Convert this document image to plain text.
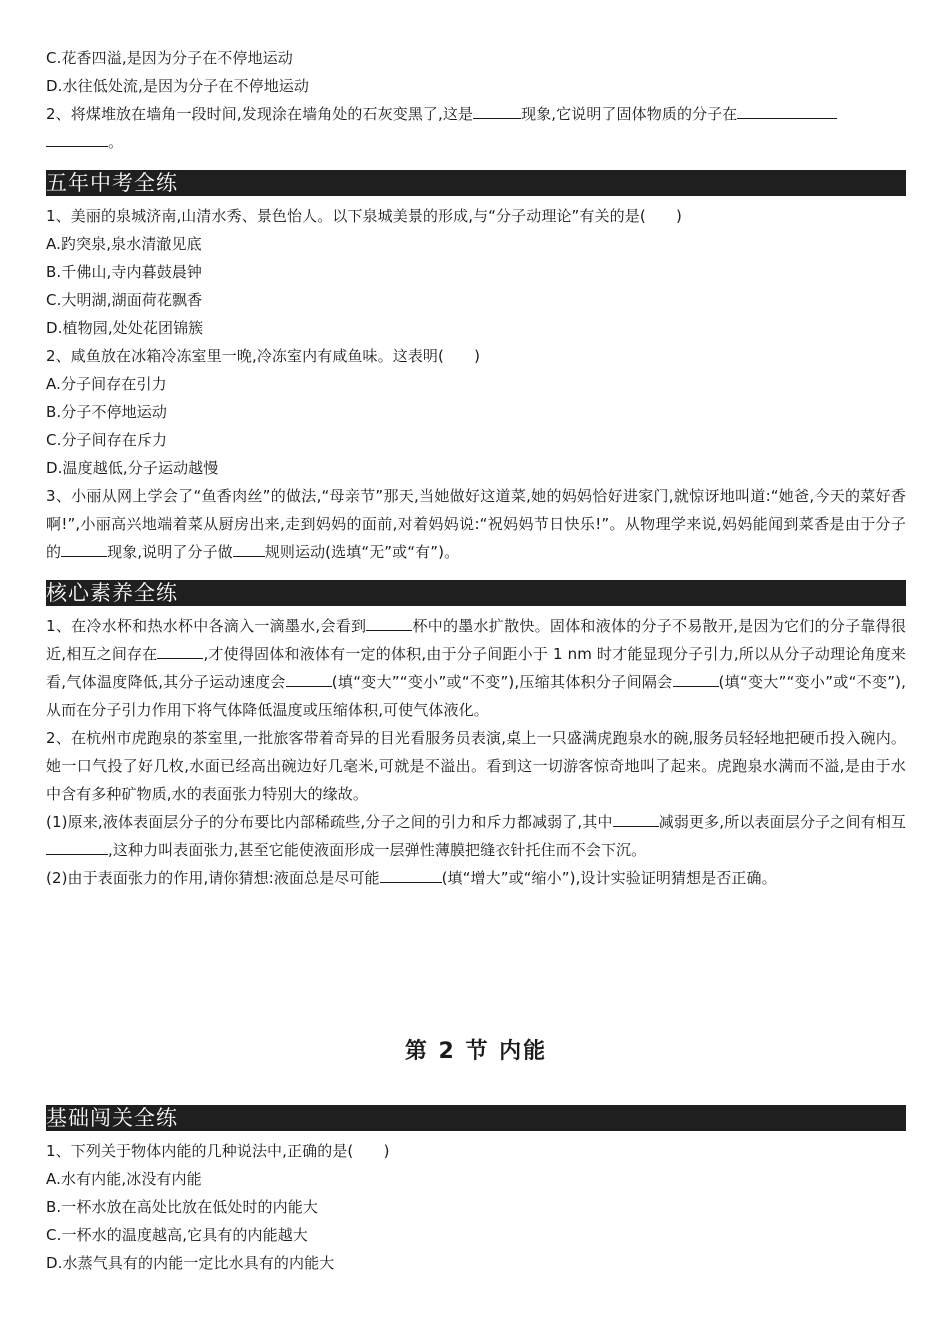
C.花香四溢,是因为分子在不停地运动
D.水往低处流,是因为分子在不停地运动
2、将煤堆放在墙角一段时间,发现涂在墙角处的石灰变黑了,这是	现象,它说明了固体物质的分子在
。
五年中考全练
1、美丽的泉城济南,山清水秀、景色怡人。以下泉城美景的形成,与“分子动理论”有关的是(　　)
A.趵突泉,泉水清澈见底
B.千佛山,寺内暮鼓晨钟
C.大明湖,湖面荷花飘香
D.植物园,处处花团锦簇
2、咸鱼放在冰箱冷冻室里一晚,冷冻室内有咸鱼味。这表明(　　)
A.分子间存在引力
B.分子不停地运动
C.分子间存在斥力
D.温度越低,分子运动越慢
3、小丽从网上学会了“鱼香肉丝”的做法,“母亲节”那天,当她做好这道菜,她的妈妈恰好进家门,就惊讶地叫道:“她爸,今天的菜好香啊!”,小丽高兴地端着菜从厨房出来,走到妈妈的面前,对着妈妈说:“祝妈妈节日快乐!”。从物理学来说,妈妈能闻到菜香是由于分子的	现象,说明了分子做 规则运动(选填“无”或“有”)。
核心素养全练
1、在冷水杯和热水杯中各滴入一滴墨水,会看到	杯中的墨水扩散快。固体和液体的分子不易散开,是因为它们的分子靠得很近,相互之间存在	,才使得固体和液体有一定的体积,由于分子间距小于 1 nm 时才能显现分子引力,所以从分子动理论角度来看,气体温度降低,其分子运动速度会	(填“变大”“变小”或“不变”),压缩其体积分子间隔会	(填“变大”“变小”或“不变”),从而在分子引力作用下将气体降低温度或压缩体积,可使气体液化。
2、在杭州市虎跑泉的茶室里,一批旅客带着奇异的目光看服务员表演,桌上一只盛满虎跑泉水的碗,服务员轻轻地把硬币投入碗内。她一口气投了好几枚,水面已经高出碗边好几毫米,可就是不溢出。看到这一切游客惊奇地叫了起来。虎跑泉水满而不溢,是由于水中含有多种矿物质,水的表面张力特别大的缘故。
(1)原来,液体表面层分子的分布要比内部稀疏些,分子之间的引力和斥力都减弱了,其中	减弱更多,所以表面层分子之间有相互,这种力叫表面张力,甚至它能使液面形成一层弹性薄膜把缝衣针托住而不会下沉。
(2)由于表面张力的作用,请你猜想:液面总是尽可能	(填“增大”或“缩小”),设计实验证明猜想是否正确。
第 2 节 内能
基础闯关全练
1、下列关于物体内能的几种说法中,正确的是(　　)
A.水有内能,冰没有内能
B.一杯水放在高处比放在低处时的内能大
C.一杯水的温度越高,它具有的内能越大
D.水蒸气具有的内能一定比水具有的内能大
